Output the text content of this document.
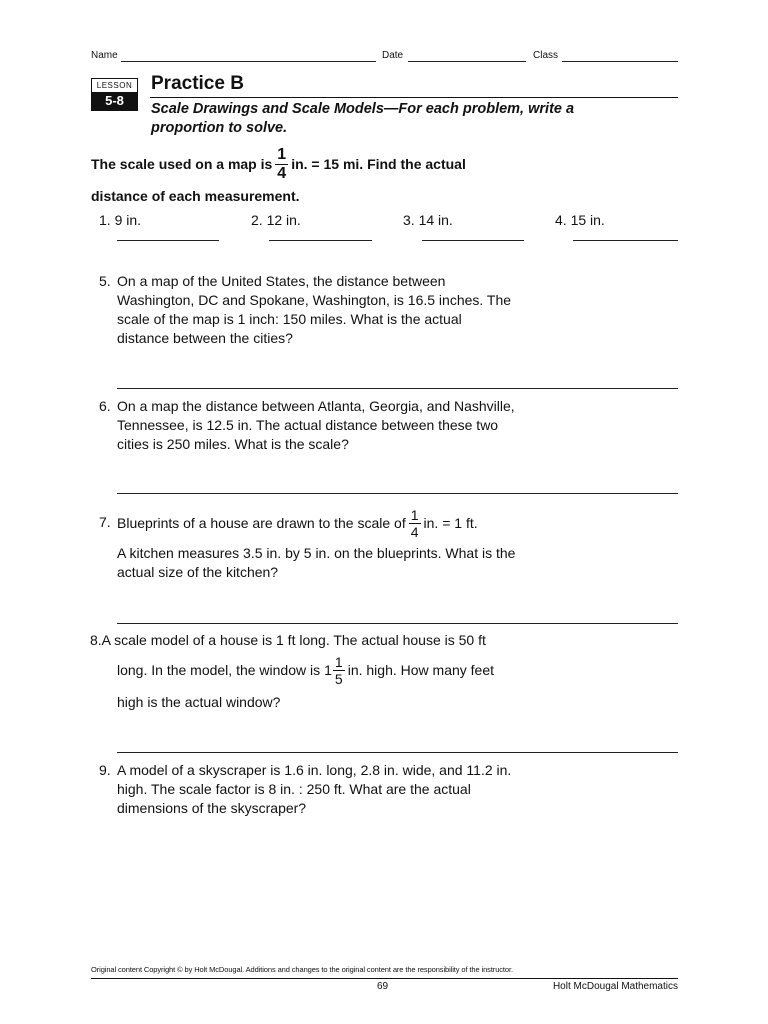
Name	Date	Class
LESSON
5-8
Practice B
Scale Drawings and Scale Models—For each problem, write a
proportion to solve.
The scale used on a map is $\frac{1}{4}$ in. = 15 mi. Find the actual
distance of each measurement.
1. 9 in.	2. 12 in.	3. 14 in.	4. 15 in.
5. On a map of the United States, the distance between
Washington, DC and Spokane, Washington, is 16.5 inches. The
scale of the map is 1 inch: 150 miles. What is the actual
distance between the cities?
6. On a map the distance between Atlanta, Georgia, and Nashville,
Tennessee, is 12.5 in. The actual distance between these two
cities is 250 miles. What is the scale?
7. Blueprints of a house are drawn to the scale of $\frac{1}{4}$ in. = 1 ft.
A kitchen measures 3.5 in. by 5 in. on the blueprints. What is the
actual size of the kitchen?
8.A scale model of a house is 1 ft long. The actual house is 50 ft
long. In the model, the window is $1 \frac{1}{5}$ in. high. How many feet
high is the actual window?
9. A model of a skyscraper is 1.6 in. long, 2.8 in. wide, and 11.2 in.
high. The scale factor is 8 in. : 250 ft. What are the actual
dimensions of the skyscraper?
Original content Copyright © by Holt McDougal. Additions and changes to the original content are the responsibility of the instructor.
69	Holt McDougal Mathematics
